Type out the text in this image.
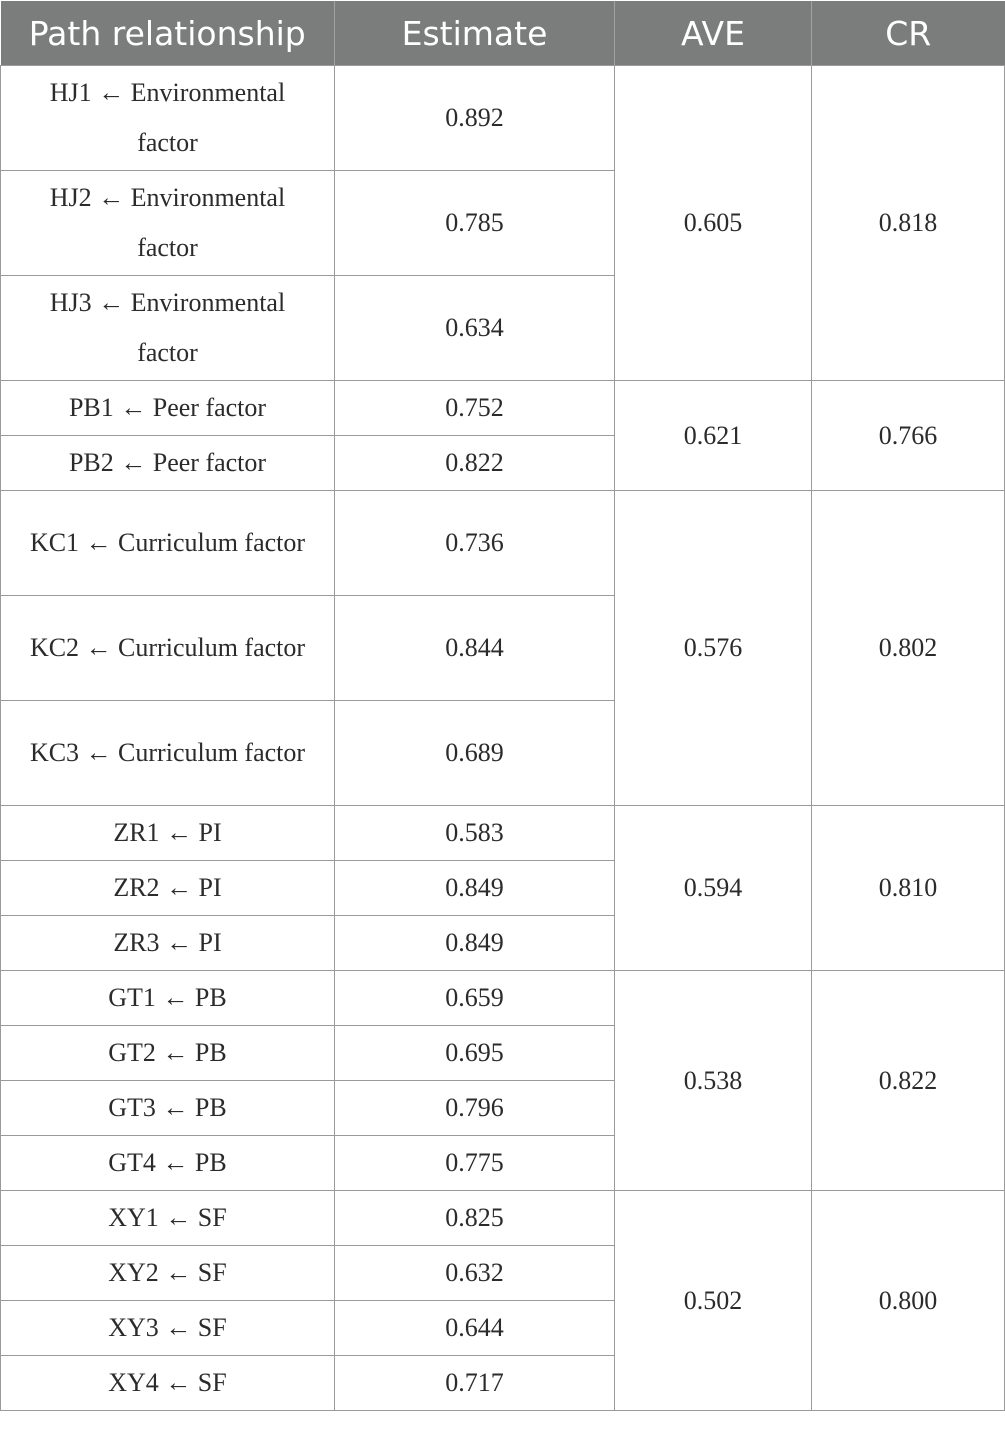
Path relationship	Estimate	AVE	CR
HJ1 ← Environmental factor	0.892	0.605	0.818
HJ2 ← Environmental factor	0.785		
HJ3 ← Environmental factor	0.634		
PB1 ← Peer factor	0.752	0.621	0.766
PB2 ← Peer factor	0.822		
KC1 ← Curriculum factor	0.736	0.576	0.802
KC2 ← Curriculum factor	0.844		
KC3 ← Curriculum factor	0.689		
ZR1 ← PI	0.583	0.594	0.810
ZR2 ← PI	0.849		
ZR3 ← PI	0.849		
GT1 ← PB	0.659	0.538	0.822
GT2 ← PB	0.695		
GT3 ← PB	0.796		
GT4 ← PB	0.775		
XY1 ← SF	0.825	0.502	0.800
XY2 ← SF	0.632		
XY3 ← SF	0.644		
XY4 ← SF	0.717		
